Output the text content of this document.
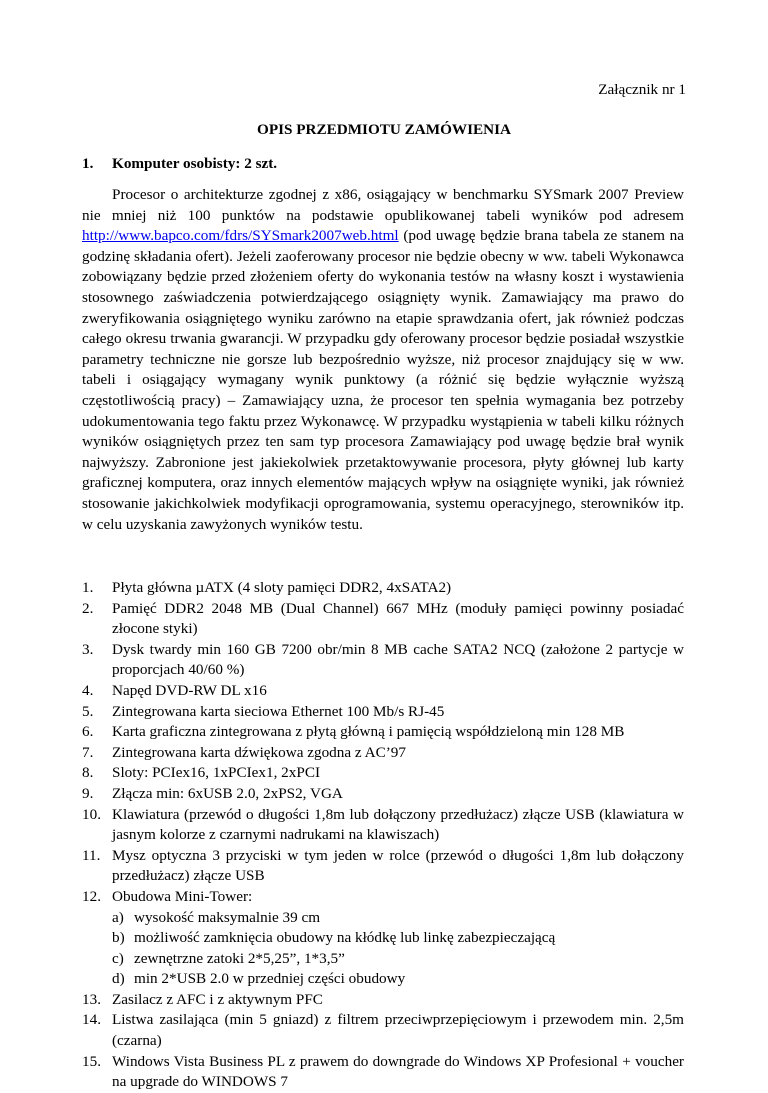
Załącznik nr 1
OPIS PRZEDMIOTU ZAMÓWIENIA
1. Komputer osobisty: 2 szt.
Procesor o architekturze zgodnej z x86, osiągający w benchmarku SYSmark 2007 Preview nie mniej niż 100 punktów na podstawie opublikowanej tabeli wyników pod adresem http://www.bapco.com/fdrs/SYSmark2007web.html (pod uwagę będzie brana tabela ze stanem na godzinę składania ofert). Jeżeli zaoferowany procesor nie będzie obecny w ww. tabeli Wykonawca zobowiązany będzie przed złożeniem oferty do wykonania testów na własny koszt i wystawienia stosownego zaświadczenia potwierdzającego osiągnięty wynik. Zamawiający ma prawo do zweryfikowania osiągniętego wyniku zarówno na etapie sprawdzania ofert, jak również podczas całego okresu trwania gwarancji. W przypadku gdy oferowany procesor będzie posiadał wszystkie parametry techniczne nie gorsze lub bezpośrednio wyższe, niż procesor znajdujący się w ww. tabeli i osiągający wymagany wynik punktowy (a różnić się będzie wyłącznie wyższą częstotliwością pracy) – Zamawiający uzna, że procesor ten spełnia wymagania bez potrzeby udokumentowania tego faktu przez Wykonawcę. W przypadku wystąpienia w tabeli kilku różnych wyników osiągniętych przez ten sam typ procesora Zamawiający pod uwagę będzie brał wynik najwyższy. Zabronione jest jakiekolwiek przetaktowywanie procesora, płyty głównej lub karty graficznej komputera, oraz innych elementów mających wpływ na osiągnięte wyniki, jak również stosowanie jakichkolwiek modyfikacji oprogramowania, systemu operacyjnego, sterowników itp. w celu uzyskania zawyżonych wyników testu.
1.	Płyta główna µATX (4 sloty pamięci DDR2, 4xSATA2)
2.	Pamięć DDR2 2048 MB (Dual Channel) 667 MHz (moduły pamięci powinny posiadać złocone styki)
3.	Dysk twardy min 160 GB 7200 obr/min 8 MB cache SATA2 NCQ (założone 2 partycje w proporcjach 40/60 %)
4.	Napęd DVD-RW DL x16
5.	Zintegrowana karta sieciowa Ethernet 100 Mb/s RJ-45
6.	Karta graficzna zintegrowana z płytą główną i pamięcią współdzieloną min 128 MB
7.	Zintegrowana karta dźwiękowa zgodna z AC’97
8.	Sloty: PCIex16, 1xPCIex1, 2xPCI
9.	Złącza min: 6xUSB 2.0, 2xPS2, VGA
10. Klawiatura (przewód o długości 1,8m lub dołączony przedłużacz) złącze USB (klawiatura w jasnym kolorze z czarnymi nadrukami na klawiszach)
11. Mysz optyczna 3 przyciski w tym jeden w rolce (przewód o długości 1,8m lub dołączony przedłużacz) złącze USB
12. Obudowa Mini-Tower:
a) wysokość maksymalnie 39 cm
b) możliwość zamknięcia obudowy na kłódkę lub linkę zabezpieczającą
c) zewnętrzne zatoki 2*5,25”, 1*3,5”
d) min 2*USB 2.0 w przedniej części obudowy
13. Zasilacz z AFC i z aktywnym PFC
14. Listwa zasilająca (min 5 gniazd) z filtrem przeciwprzepięciowym i przewodem min. 2,5m (czarna)
15. Windows Vista Business PL z prawem do downgrade do Windows XP Profesional + voucher na upgrade do WINDOWS 7
